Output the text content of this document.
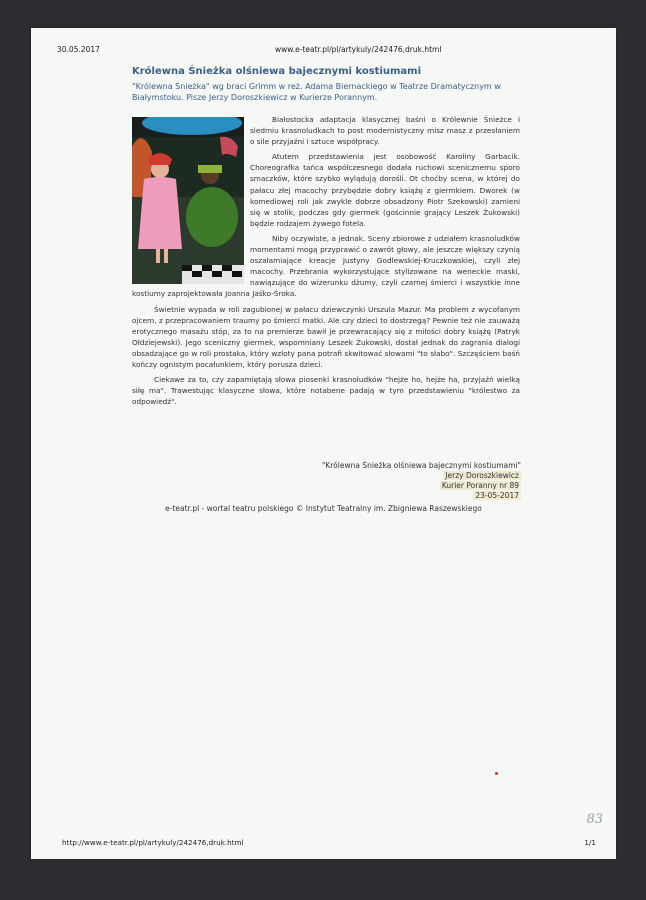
30.05.2017	www.e-teatr.pl/pl/artykuly/242476,druk.html
Królewna Śnieżka olśniewa bajecznymi kostiumami
"Królewna Śnieżka" wg braci Grimm w reż. Adama Biernackiego w Teatrze Dramatycznym w Białymstoku. Pisze Jerzy Doroszkiewicz w Kurierze Porannym.

Białostocka adaptacja klasycznej baśni o Królewnie Śnieżce i siedmiu krasnoludkach to post modernistyczny misz masz z przesłaniem o sile przyjaźni i sztuce współpracy.

Atutem przedstawienia jest osobowość Karoliny Garbacik. Choreografka tańca współczesnego dodała ruchowi scenicznemu sporo smaczków, które szybko wylądują dorośli. Ot choćby scena, w której do pałacu złej macochy przybędzie dobry książę z giermkiem. Dworek (w komediowej roli jak zwykle dobrze obsadzony Piotr Szekowski) zamieni się w stolik, podczas gdy giermek (gościnnie grający Leszek Żukowski) będzie rodzajem żywego fotela.

Niby oczywiste, a jednak. Sceny zbiorowe z udziałem krasnoludków momentami mogą przyprawić o zawrót głowy, ale jeszcze większy czynią oszałamiające kreacje Justyny Godlewskiej-Kruczkowskiej, czyli złej macochy. Przebrania wykorzystujące stylizowane na weneckie maski, nawiązujące do wizerunku dżumy, czyli czarnej śmierci i wszystkie inne kostiumy zaprojektowała Joanna Jaśko-Śroka.

Świetnie wypada w roli zagubionej w pałacu dziewczynki Urszula Mazur. Ma problem z wycofanym ojcem, z przepracowaniem traumy po śmierci matki. Ale czy dzieci to dostrzegą? Pewnie też nie zauważą erotycznego masażu stóp, za to na premierze bawił je przewracający się z miłości dobry książę (Patryk Ołdziejewski). Jego sceniczny giermek, wspomniany Leszek Żukowski, dostał jednak do zagrania dialogi obsadzające go w roli prostaka, który wzloty pana potrafi skwitować słowami "to słabo". Szczęściem baśń kończy ognistym pocałunkiem, który porusza dzieci.

Ciekawe za to, czy zapamiętają słowa piosenki krasnoludków "hejże ho, hejże ha, przyjaźń wielką siłę ma". Trawestując klasyczne słowa, które notabene padają w tym przedstawieniu "królestwo za odpowiedź".

"Królewna Śnieżka olśniewa bajecznymi kostiumami"
Jerzy Doroszkiewicz
Kurier Poranny nr 89
23-05-2017
e-teatr.pl - wortal teatru polskiego © Instytut Teatralny im. Zbigniewa Raszewskiego
http://www.e-teatr.pl/pl/artykuly/242476,druk.html	1/1
83
